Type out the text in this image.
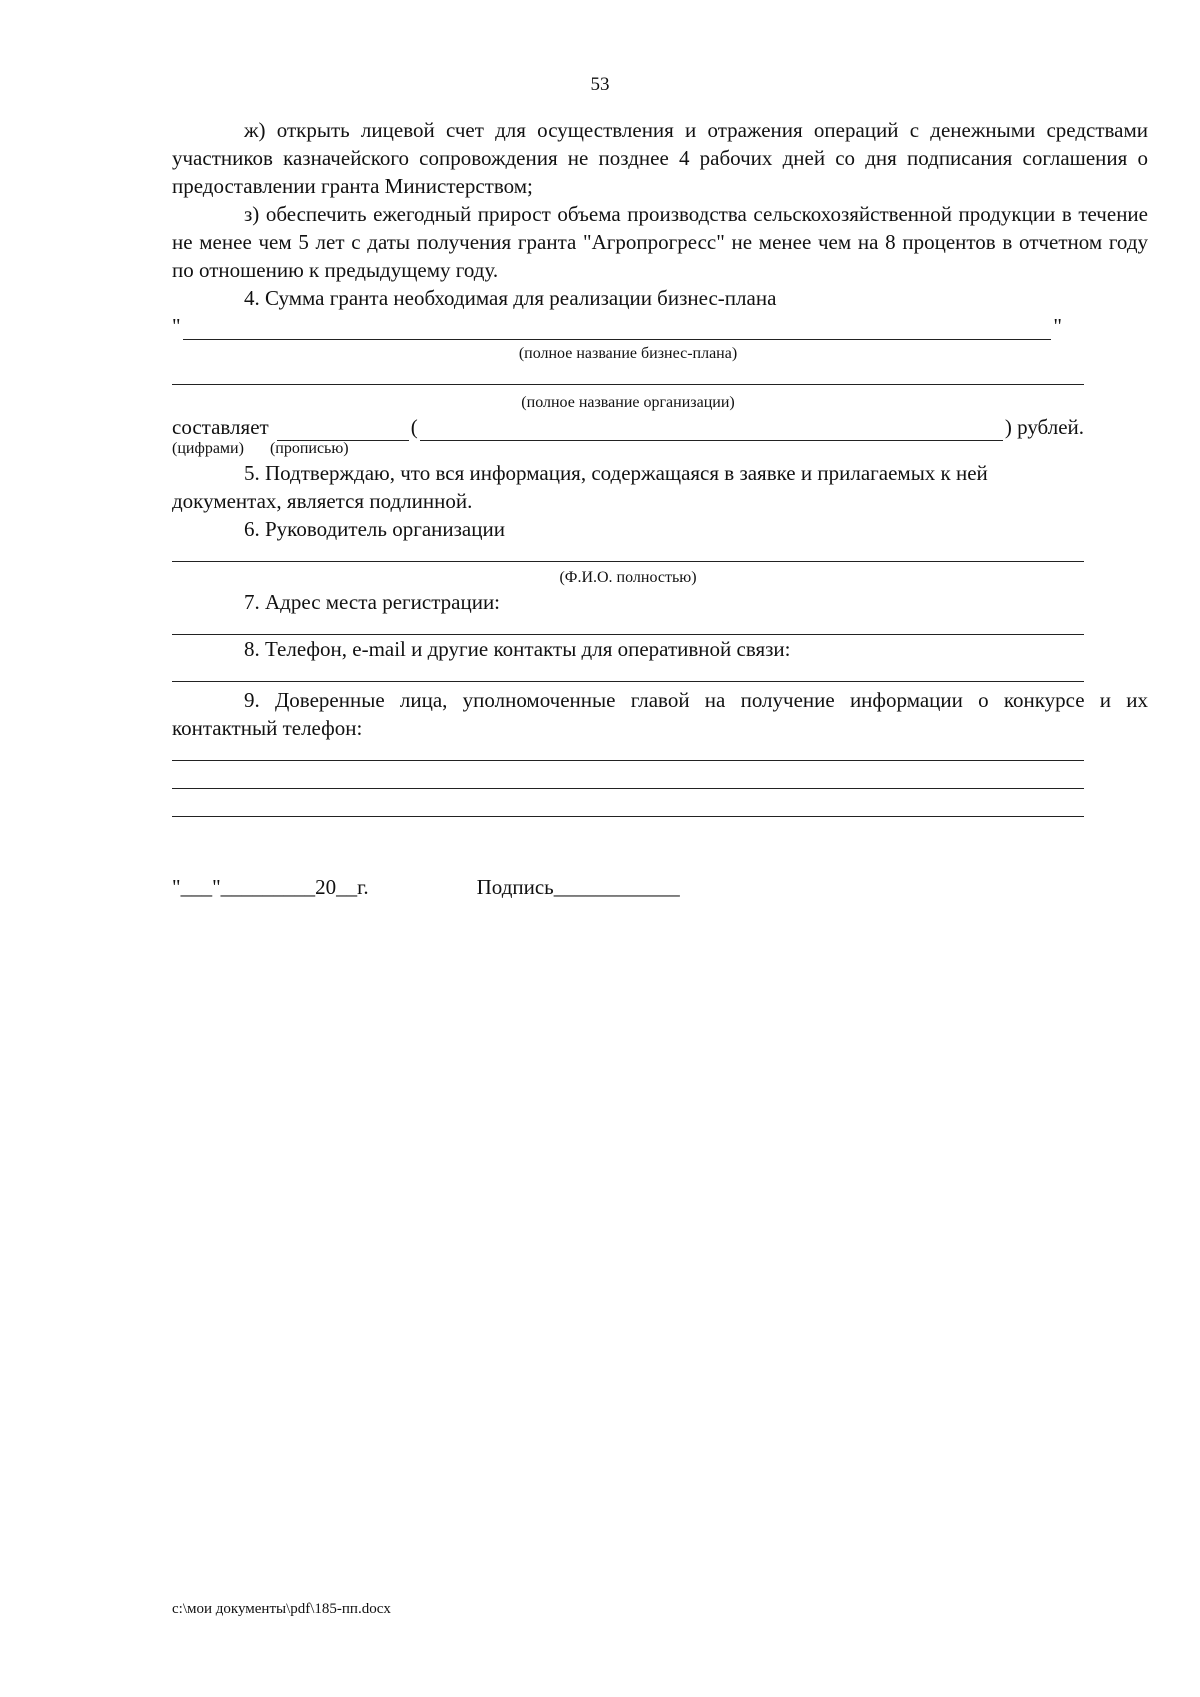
53

ж) открыть лицевой счет для осуществления и отражения операций с денежными средствами участников казначейского сопровождения не позднее 4 рабочих дней со дня подписания соглашения о предоставлении гранта Министерством;

з) обеспечить ежегодный прирост объема производства сельскохозяйственной продукции в течение не менее чем 5 лет с даты получения гранта "Агропрогресс" не менее чем на 8 процентов в отчетном году по отношению к предыдущему году.

4. Сумма гранта необходимая для реализации бизнес-плана

"	"
(полное название бизнес-плана)
(полное название организации)
составляет	(	) рублей.
(цифрами) (прописью)

5. Подтверждаю, что вся информация, содержащаяся в заявке и прилагаемых к ней документах, является подлинной.

6. Руководитель организации

(Ф.И.О. полностью)

7. Адрес места регистрации:

8. Телефон, e-mail и другие контакты для оперативной связи:

9. Доверенные лица, уполномоченные главой на получение информации о конкурсе и их контактный телефон:

"___"_________20__г.	Подпись____________
c:\мои документы\pdf\185-пп.docx
